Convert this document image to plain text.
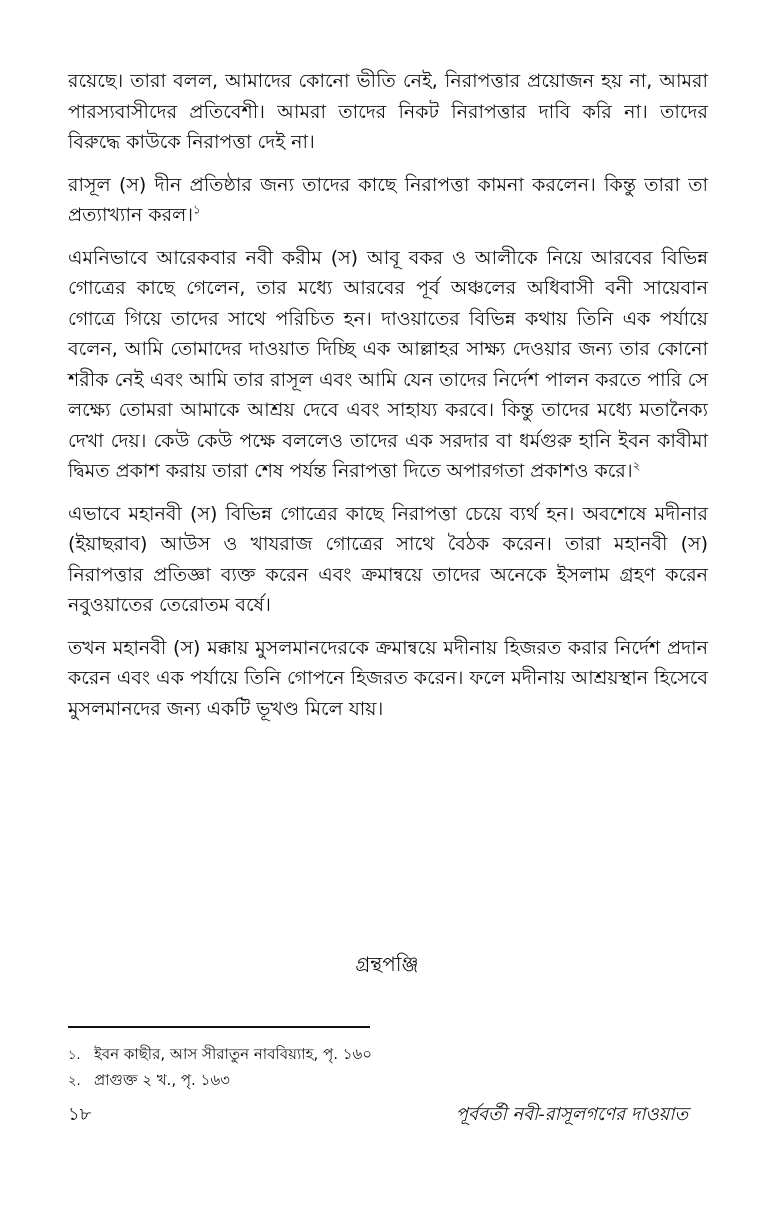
রয়েছে। তারা বলল, আমাদের কোনো ভীতি নেই, নিরাপত্তার প্রয়োজন হয় না, আমরা পারস্যবাসীদের প্রতিবেশী। আমরা তাদের নিকট নিরাপত্তার দাবি করি না। তাদের বিরুদ্ধে কাউকে নিরাপত্তা দেই না।

রাসূল (স) দীন প্রতিষ্ঠার জন্য তাদের কাছে নিরাপত্তা কামনা করলেন। কিন্তু তারা তা প্রত্যাখ্যান করল।$^১$

এমনিভাবে আরেকবার নবী করীম (স) আবূ বকর ও আলীকে নিয়ে আরবের বিভিন্ন গোত্রের কাছে গেলেন, তার মধ্যে আরবের পূর্ব অঞ্চলের অধিবাসী বনী সায়েবান গোত্রে গিয়ে তাদের সাথে পরিচিত হন। দাওয়াতের বিভিন্ন কথায় তিনি এক পর্যায়ে বলেন, আমি তোমাদের দাওয়াত দিচ্ছি এক আল্লাহর সাক্ষ্য দেওয়ার জন্য তার কোনো শরীক নেই এবং আমি তার রাসূল এবং আমি যেন তাদের নির্দেশ পালন করতে পারি সে লক্ষ্যে তোমরা আমাকে আশ্রয় দেবে এবং সাহায্য করবে। কিন্তু তাদের মধ্যে মতানৈক্য দেখা দেয়। কেউ কেউ পক্ষে বললেও তাদের এক সরদার বা ধর্মগুরু হানি ইবন কাবীমা দ্বিমত প্রকাশ করায় তারা শেষ পর্যন্ত নিরাপত্তা দিতে অপারগতা প্রকাশও করে।$^২$

এভাবে মহানবী (স) বিভিন্ন গোত্রের কাছে নিরাপত্তা চেয়ে ব্যর্থ হন। অবশেষে মদীনার (ইয়াছরাব) আউস ও খাযরাজ গোত্রের সাথে বৈঠক করেন। তারা মহানবী (স) নিরাপত্তার প্রতিজ্ঞা ব্যক্ত করেন এবং ক্রমান্বয়ে তাদের অনেকে ইসলাম গ্রহণ করেন নবুওয়াতের তেরোতম বর্ষে।

তখন মহানবী (স) মক্কায় মুসলমানদেরকে ক্রমান্বয়ে মদীনায় হিজরত করার নির্দেশ প্রদান করেন এবং এক পর্যায়ে তিনি গোপনে হিজরত করেন। ফলে মদীনায় আশ্রয়স্থান হিসেবে মুসলমানদের জন্য একটি ভূখণ্ড মিলে যায়।

গ্রন্থপঞ্জি
১. ইবন কাছীর, আস সীরাতুন নাববিয়্যাহ, পৃ. ১৬০
২. প্রাগুক্ত ২ খ., পৃ. ১৬৩
১৮	পূর্ববর্তী নবী-রাসূলগণের দাওয়াত
